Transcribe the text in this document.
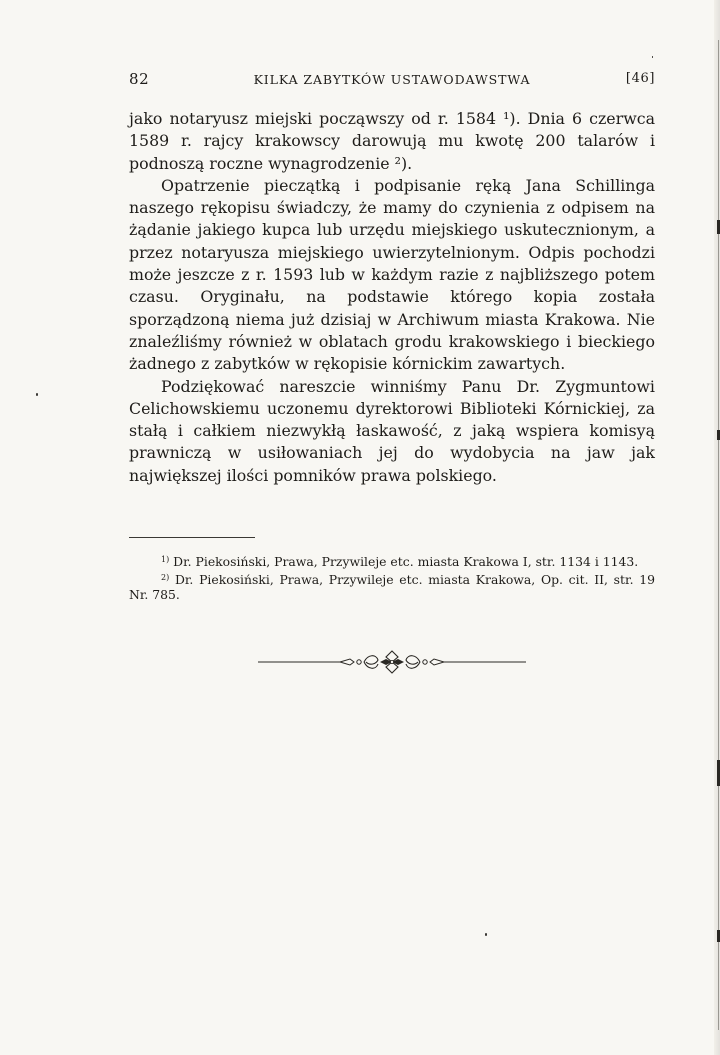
82	KILKA ZABYTKÓW USTAWODAWSTWA	[46]

jako notaryusz miejski począwszy od r. 1584 ¹). Dnia 6 czerwca 1589 r. rajcy krakowscy darowują mu kwotę 200 talarów i podnoszą roczne wynagrodzenie ²).

Opatrzenie pieczątką i podpisanie ręką Jana Schillinga naszego rękopisu świadczy, że mamy do czynienia z odpisem na żądanie jakiego kupca lub urzędu miejskiego uskutecznionym, a przez notaryusza miejskiego uwierzytelnionym. Odpis pochodzi może jeszcze z r. 1593 lub w każdym razie z najbliższego potem czasu. Oryginału, na podstawie którego kopia została sporządzoną niema już dzisiaj w Archiwum miasta Krakowa. Nie znaleźliśmy również w oblatach grodu krakowskiego i bieckiego żadnego z zabytków w rękopisie kórnickim zawartych.

Podziękować nareszcie winniśmy Panu Dr. Zygmuntowi Celichowskiemu uczonemu dyrektorowi Biblioteki Kórnickiej, za stałą i całkiem niezwykłą łaskawość, z jaką wspiera komisyą prawniczą w usiłowaniach jej do wydobycia na jaw jak największej ilości pomników prawa polskiego.

$^{1)}$ Dr. Piekosiński, Prawa, Przywileje etc. miasta Krakowa I, str. 1134 i 1143.

$^{2)}$ Dr. Piekosiński, Prawa, Przywileje etc. miasta Krakowa, Op. cit. II, str. 19 Nr. 785.
